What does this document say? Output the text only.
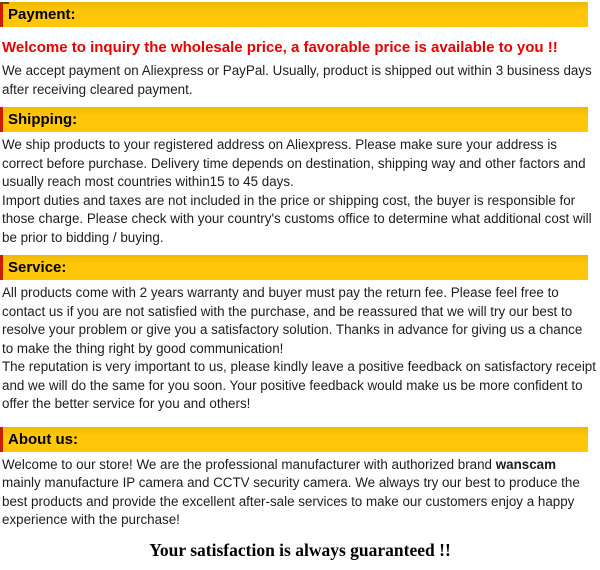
Payment:
Welcome to inquiry the wholesale price, a favorable price is available to you !!
We accept payment on Aliexpress or PayPal. Usually, product is shipped out within 3 business days after receiving cleared payment.
Shipping:
We ship products to your registered address on Aliexpress. Please make sure your address is correct before purchase. Delivery time depends on destination, shipping way and other factors and usually reach most countries within15 to 45 days.
Import duties and taxes are not included in the price or shipping cost, the buyer is responsible for those charge. Please check with your country's customs office to determine what additional cost will be prior to bidding / buying.
Service:
All products come with 2 years warranty and buyer must pay the return fee. Please feel free to contact us if you are not satisfied with the purchase, and be reassured that we will try our best to resolve your problem or give you a satisfactory solution. Thanks in advance for giving us a chance to make the thing right by good communication!
The reputation is very important to us, please kindly leave a positive feedback on satisfactory receipt and we will do the same for you soon. Your positive feedback would make us be more confident to offer the better service for you and others!
About us:
Welcome to our store! We are the professional manufacturer with authorized brand wanscam mainly manufacture IP camera and CCTV security camera. We always try our best to produce the best products and provide the excellent after-sale services to make our customers enjoy a happy experience with the purchase!
Your satisfaction is always guaranteed !!
